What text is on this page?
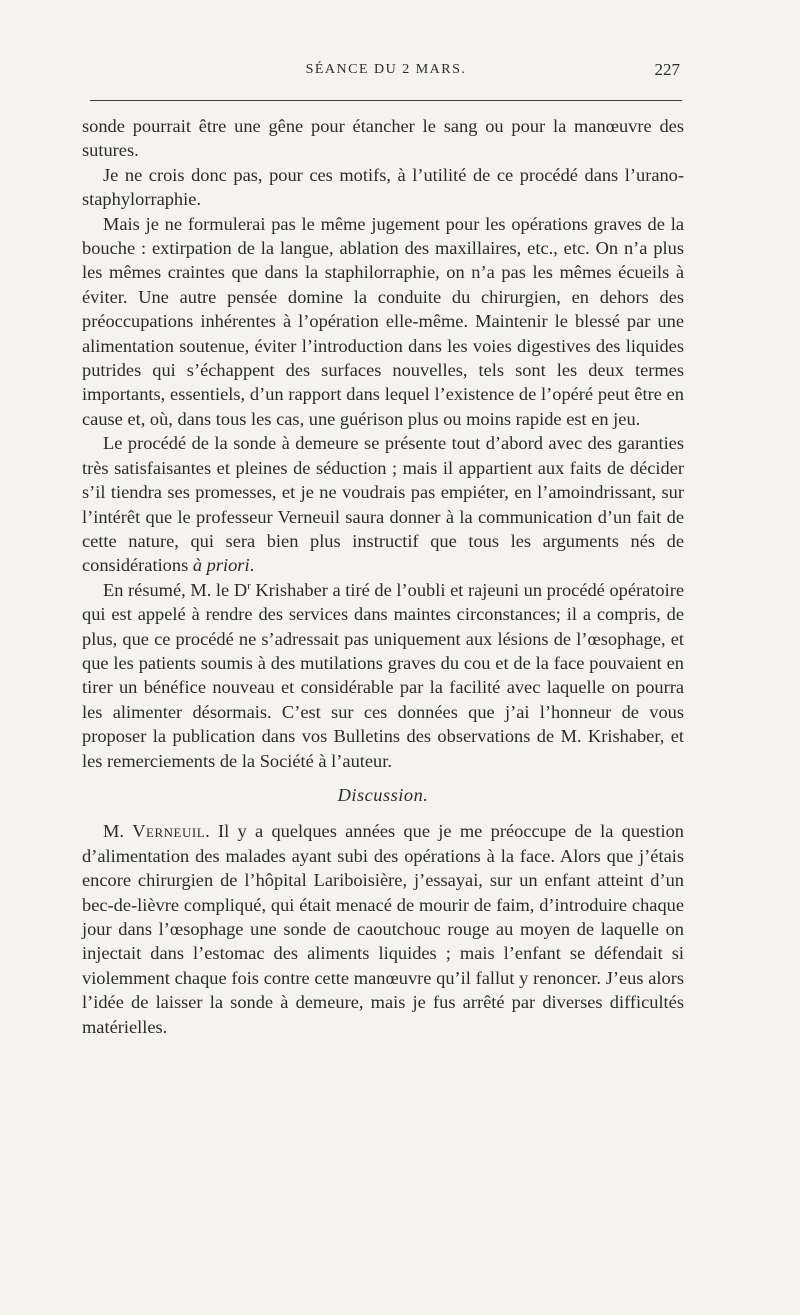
SÉANCE DU 2 MARS.	227

sonde pourrait être une gêne pour étancher le sang ou pour la manœuvre des sutures.

Je ne crois donc pas, pour ces motifs, à l’utilité de ce procédé dans l’urano-staphylorraphie.

Mais je ne formulerai pas le même jugement pour les opérations graves de la bouche : extirpation de la langue, ablation des maxillaires, etc., etc. On n’a plus les mêmes craintes que dans la staphilorraphie, on n’a pas les mêmes écueils à éviter. Une autre pensée domine la conduite du chirurgien, en dehors des préoccupations inhérentes à l’opération elle-même. Maintenir le blessé par une alimentation soutenue, éviter l’introduction dans les voies digestives des liquides putrides qui s’échappent des surfaces nouvelles, tels sont les deux termes importants, essentiels, d’un rapport dans lequel l’existence de l’opéré peut être en cause et, où, dans tous les cas, une guérison plus ou moins rapide est en jeu.

Le procédé de la sonde à demeure se présente tout d’abord avec des garanties très satisfaisantes et pleines de séduction ; mais il appartient aux faits de décider s’il tiendra ses promesses, et je ne voudrais pas empiéter, en l’amoindrissant, sur l’intérêt que le professeur Verneuil saura donner à la communication d’un fait de cette nature, qui sera bien plus instructif que tous les arguments nés de considérations à priori.

En résumé, M. le $D^r$ Krishaber a tiré de l’oubli et rajeuni un procédé opératoire qui est appelé à rendre des services dans maintes circonstances; il a compris, de plus, que ce procédé ne s’adressait pas uniquement aux lésions de l’œsophage, et que les patients soumis à des mutilations graves du cou et de la face pouvaient en tirer un bénéfice nouveau et considérable par la facilité avec laquelle on pourra les alimenter désormais. C’est sur ces données que j’ai l’honneur de vous proposer la publication dans vos Bulletins des observations de M. Krishaber, et les remerciements de la Société à l’auteur.

Discussion.

M. Verneuil. Il y a quelques années que je me préoccupe de la question d’alimentation des malades ayant subi des opérations à la face. Alors que j’étais encore chirurgien de l’hôpital Lariboisière, j’essayai, sur un enfant atteint d’un bec-de-lièvre compliqué, qui était menacé de mourir de faim, d’introduire chaque jour dans l’œsophage une sonde de caoutchouc rouge au moyen de laquelle on injectait dans l’estomac des aliments liquides ; mais l’enfant se défendait si violemment chaque fois contre cette manœuvre qu’il fallut y renoncer. J’eus alors l’idée de laisser la sonde à demeure, mais je fus arrêté par diverses difficultés matérielles.
